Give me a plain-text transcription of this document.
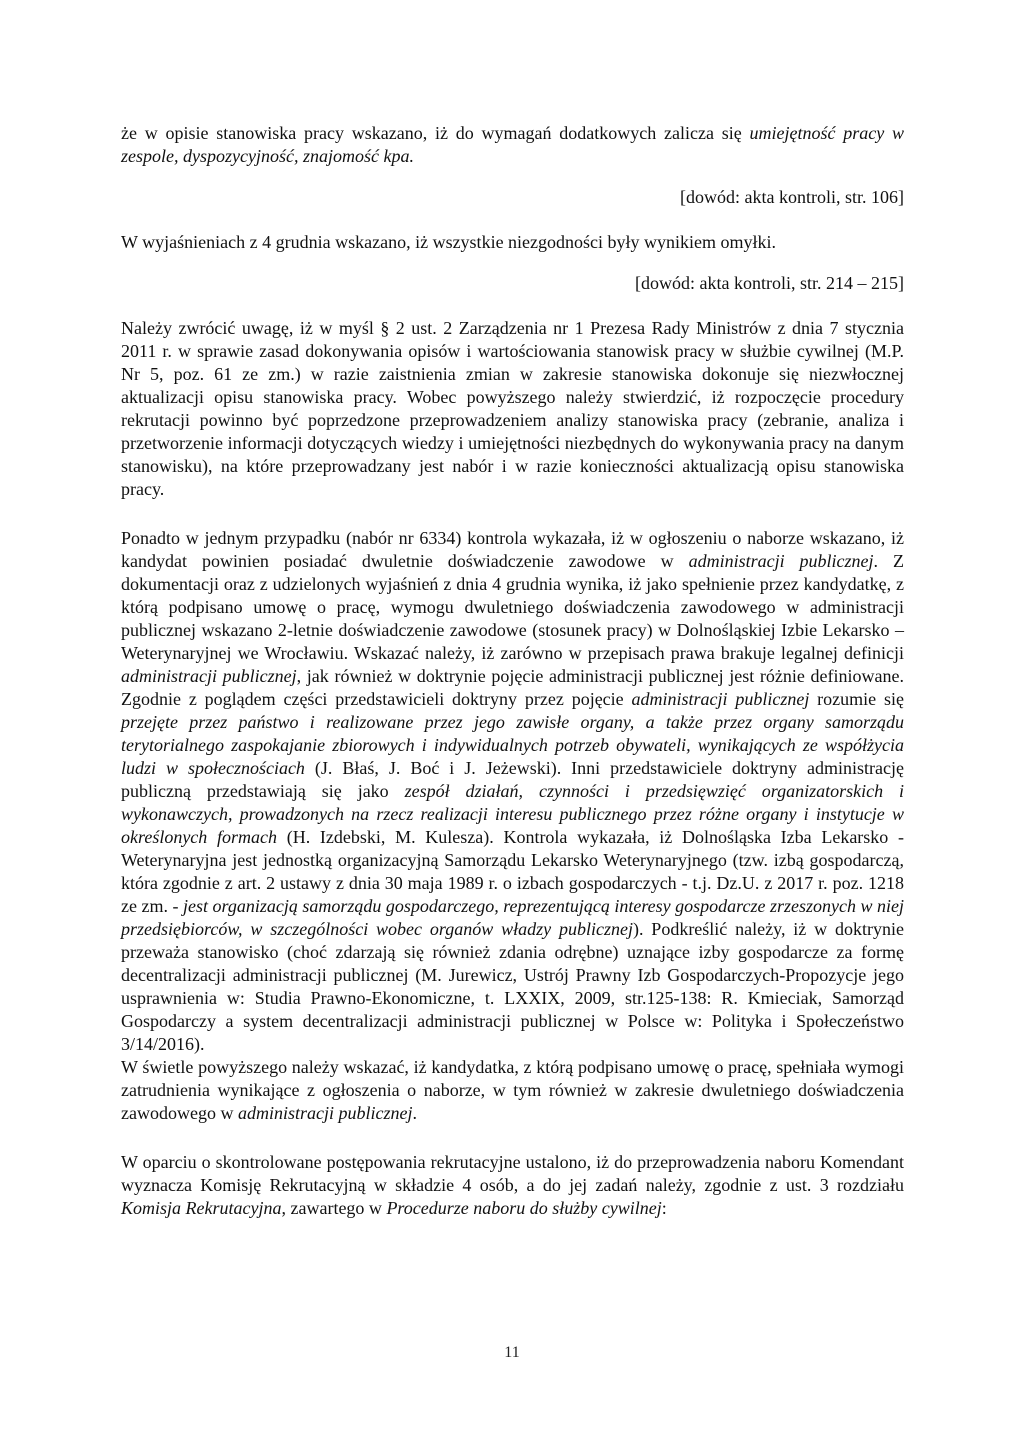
że w opisie stanowiska pracy wskazano, iż do wymagań dodatkowych zalicza się umiejętność pracy w zespole, dyspozycyjność, znajomość kpa.

[dowód: akta kontroli, str. 106]

W wyjaśnieniach z 4 grudnia wskazano, iż wszystkie niezgodności były wynikiem omyłki.

[dowód: akta kontroli, str. 214 – 215]

Należy zwrócić uwagę, iż w myśl § 2 ust. 2 Zarządzenia nr 1 Prezesa Rady Ministrów z dnia 7 stycznia 2011 r. w sprawie zasad dokonywania opisów i wartościowania stanowisk pracy w służbie cywilnej (M.P. Nr 5, poz. 61 ze zm.) w razie zaistnienia zmian w zakresie stanowiska dokonuje się niezwłocznej aktualizacji opisu stanowiska pracy. Wobec powyższego należy stwierdzić, iż rozpoczęcie procedury rekrutacji powinno być poprzedzone przeprowadzeniem analizy stanowiska pracy (zebranie, analiza i przetworzenie informacji dotyczących wiedzy i umiejętności niezbędnych do wykonywania pracy na danym stanowisku), na które przeprowadzany jest nabór i w razie konieczności aktualizacją opisu stanowiska pracy.

Ponadto w jednym przypadku (nabór nr 6334) kontrola wykazała, iż w ogłoszeniu o naborze wskazano, iż kandydat powinien posiadać dwuletnie doświadczenie zawodowe w administracji publicznej. Z dokumentacji oraz z udzielonych wyjaśnień z dnia 4 grudnia wynika, iż jako spełnienie przez kandydatkę, z którą podpisano umowę o pracę, wymogu dwuletniego doświadczenia zawodowego w administracji publicznej wskazano 2-letnie doświadczenie zawodowe (stosunek pracy) w Dolnośląskiej Izbie Lekarsko – Weterynaryjnej we Wrocławiu. Wskazać należy, iż zarówno w przepisach prawa brakuje legalnej definicji administracji publicznej, jak również w doktrynie pojęcie administracji publicznej jest różnie definiowane. Zgodnie z poglądem części przedstawicieli doktryny przez pojęcie administracji publicznej rozumie się przejęte przez państwo i realizowane przez jego zawisłe organy, a także przez organy samorządu terytorialnego zaspokajanie zbiorowych i indywidualnych potrzeb obywateli, wynikających ze współżycia ludzi w społecznościach (J. Błaś, J. Boć i J. Jeżewski). Inni przedstawiciele doktryny administrację publiczną przedstawiają się jako zespół działań, czynności i przedsięwzięć organizatorskich i wykonawczych, prowadzonych na rzecz realizacji interesu publicznego przez różne organy i instytucje w określonych formach (H. Izdebski, M. Kulesza). Kontrola wykazała, iż Dolnośląska Izba Lekarsko - Weterynaryjna jest jednostką organizacyjną Samorządu Lekarsko Weterynaryjnego (tzw. izbą gospodarczą, która zgodnie z art. 2 ustawy z dnia 30 maja 1989 r. o izbach gospodarczych - t.j. Dz.U. z 2017 r. poz. 1218 ze zm. - jest organizacją samorządu gospodarczego, reprezentującą interesy gospodarcze zrzeszonych w niej przedsiębiorców, w szczególności wobec organów władzy publicznej). Podkreślić należy, iż w doktrynie przeważa stanowisko (choć zdarzają się również zdania odrębne) uznające izby gospodarcze za formę decentralizacji administracji publicznej (M. Jurewicz, Ustrój Prawny Izb Gospodarczych-Propozycje jego usprawnienia w: Studia Prawno-Ekonomiczne, t. LXXIX, 2009, str.125-138: R. Kmieciak, Samorząd Gospodarczy a system decentralizacji administracji publicznej w Polsce w: Polityka i Społeczeństwo 3/14/2016).

W świetle powyższego należy wskazać, iż kandydatka, z którą podpisano umowę o pracę, spełniała wymogi zatrudnienia wynikające z ogłoszenia o naborze, w tym również w zakresie dwuletniego doświadczenia zawodowego w administracji publicznej.

W oparciu o skontrolowane postępowania rekrutacyjne ustalono, iż do przeprowadzenia naboru Komendant wyznacza Komisję Rekrutacyjną w składzie 4 osób, a do jej zadań należy, zgodnie z ust. 3 rozdziału Komisja Rekrutacyjna, zawartego w Procedurze naboru do służby cywilnej:

11
